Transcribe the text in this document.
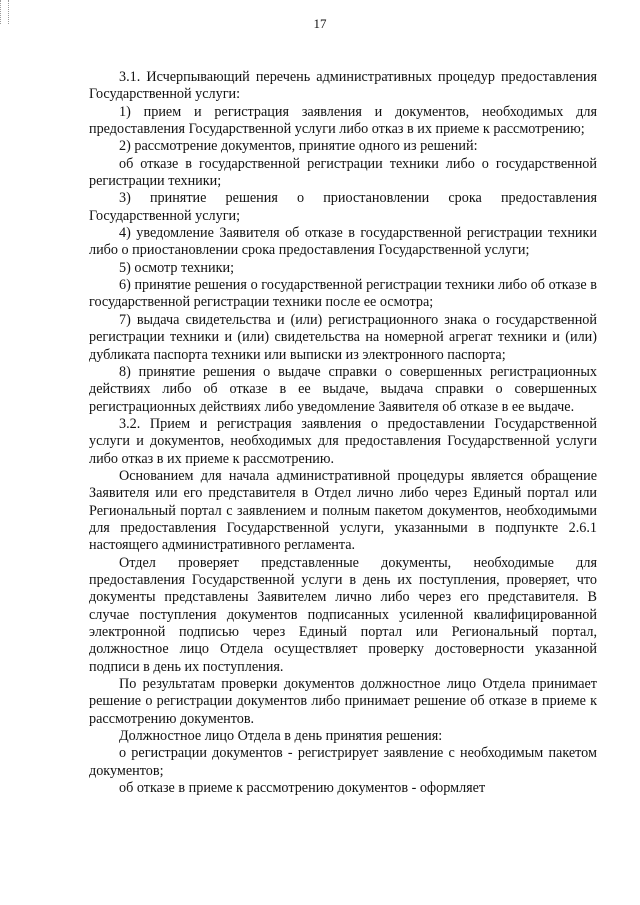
17

3.1. Исчерпывающий перечень административных процедур предоставления Государственной услуги:

1) прием и регистрация заявления и документов, необходимых для предоставления Государственной услуги либо отказ в их приеме к рассмотрению;

2) рассмотрение документов, принятие одного из решений:

об отказе в государственной регистрации техники либо о государственной регистрации техники;

3) принятие решения о приостановлении срока предоставления Государственной услуги;

4) уведомление Заявителя об отказе в государственной регистрации техники либо о приостановлении срока предоставления Государственной услуги;

5) осмотр техники;

6) принятие решения о государственной регистрации техники либо об отказе в государственной регистрации техники после ее осмотра;

7) выдача свидетельства и (или) регистрационного знака о государственной регистрации техники и (или) свидетельства на номерной агрегат техники и (или) дубликата паспорта техники или выписки из электронного паспорта;

8) принятие решения о выдаче справки о совершенных регистрационных действиях либо об отказе в ее выдаче, выдача справки о совершенных регистрационных действиях либо уведомление Заявителя об отказе в ее выдаче.

3.2. Прием и регистрация заявления о предоставлении Государственной услуги и документов, необходимых для предоставления Государственной услуги либо отказ в их приеме к рассмотрению.

Основанием для начала административной процедуры является обращение Заявителя или его представителя в Отдел лично либо через Единый портал или Региональный портал с заявлением и полным пакетом документов, необходимыми для предоставления Государственной услуги, указанными в подпункте 2.6.1 настоящего административного регламента.

Отдел проверяет представленные документы, необходимые для предоставления Государственной услуги в день их поступления, проверяет, что документы представлены Заявителем лично либо через его представителя. В случае поступления документов подписанных усиленной квалифицированной электронной подписью через Единый портал или Региональный портал, должностное лицо Отдела осуществляет проверку достоверности указанной подписи в день их поступления.

По результатам проверки документов должностное лицо Отдела принимает решение о регистрации документов либо принимает решение об отказе в приеме к рассмотрению документов.

Должностное лицо Отдела в день принятия решения:

о регистрации документов - регистрирует заявление с необходимым пакетом документов;

об отказе в приеме к рассмотрению документов - оформляет
